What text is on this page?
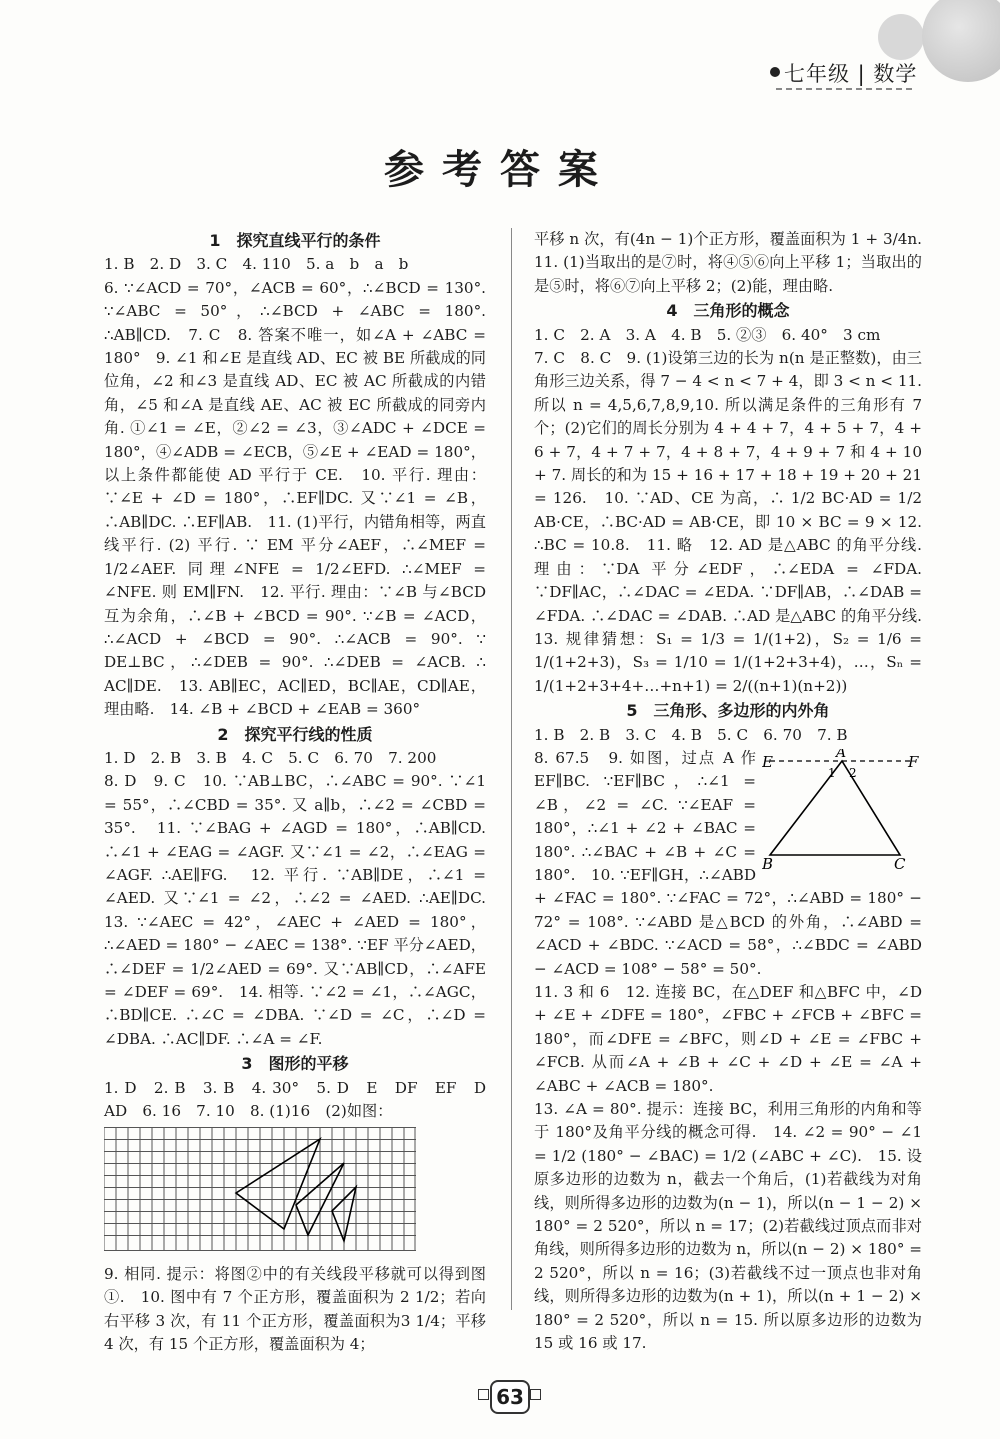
七年级 | 数学
参考答案
1　探究直线平行的条件

1. B　2. D　3. C　4. 110　5. a　b　a　b

6. ∵∠ACD = 70°，∠ACB = 60°，∴∠BCD = 130°. ∵∠ABC = 50°，∴∠BCD + ∠ABC = 180°. ∴AB∥CD.　7. C　8. 答案不唯一，如∠A + ∠ABC = 180°　9. ∠1 和∠E 是直线 AD、EC 被 BE 所截成的同位角，∠2 和∠3 是直线 AD、EC 被 AC 所截成的内错角，∠5 和∠A 是直线 AE、AC 被 EC 所截成的同旁内角. ①∠1 = ∠E，②∠2 = ∠3，③∠ADC + ∠DCE = 180°，④∠ADB = ∠ECB，⑤∠E + ∠EAD = 180°，以上条件都能使 AD 平行于 CE.　10. 平行. 理由：∵∠E + ∠D = 180°，∴EF∥DC. 又∵∠1 = ∠B，∴AB∥DC. ∴EF∥AB.　11. (1)平行，内错角相等，两直线平行. (2) 平行. ∵ EM 平分∠AEF，∴∠MEF = 1/2∠AEF. 同理∠NFE = 1/2∠EFD. ∴∠MEF = ∠NFE. 则 EM∥FN.　12. 平行. 理由：∵∠B 与∠BCD 互为余角，∴∠B + ∠BCD = 90°. ∵∠B = ∠ACD，∴∠ACD + ∠BCD = 90°. ∴∠ACB = 90°. ∵ DE⊥BC，∴∠DEB = 90°. ∴∠DEB = ∠ACB. ∴ AC∥DE.　13. AB∥EC，AC∥ED，BC∥AE，CD∥AE，理由略.　14. ∠B + ∠BCD + ∠EAB = 360°

2　探究平行线的性质

1. D　2. B　3. B　4. C　5. C　6. 70　7. 200

8. D　9. C　10. ∵AB⊥BC，∴∠ABC = 90°. ∵∠1 = 55°，∴∠CBD = 35°. 又 a∥b，∴∠2 = ∠CBD = 35°.　11. ∵∠BAG + ∠AGD = 180°，∴AB∥CD. ∴∠1 + ∠EAG = ∠AGF. 又∵∠1 = ∠2，∴∠EAG = ∠AGF. ∴AE∥FG.　12. 平行. ∵AB∥DE，∴∠1 = ∠AED. 又∵∠1 = ∠2，∴∠2 = ∠AED. ∴AE∥DC.　13. ∵∠AEC = 42°，∠AEC + ∠AED = 180°，∴∠AED = 180° − ∠AEC = 138°. ∵EF 平分∠AED，∴∠DEF = 1/2∠AED = 69°. 又∵AB∥CD，∴∠AFE = ∠DEF = 69°.　14. 相等. ∵∠2 = ∠1，∴∠AGC，∴BD∥CE. ∴∠C = ∠DBA. ∵∠D = ∠C，∴∠D = ∠DBA. ∴AC∥DF. ∴∠A = ∠F.

3　图形的平移

1. D　2. B　3. B　4. 30°　5. D　E　DF　EF　D　AD　6. 16　7. 10　8. (1)16　(2)如图：

9. 相同. 提示：将图②中的有关线段平移就可以得到图①.　10. 图中有 7 个正方形，覆盖面积为 2 1/2；若向右平移 3 次，有 11 个正方形，覆盖面积为3 1/4；平移 4 次，有 15 个正方形，覆盖面积为 4；

平移 n 次，有(4n − 1)个正方形，覆盖面积为 1 + 3/4n.　11. (1)当取出的是⑦时，将④⑤⑥向上平移 1；当取出的是⑤时，将⑥⑦向上平移 2；(2)能，理由略.

4　三角形的概念

1. C　2. A　3. A　4. B　5. ②③　6. 40°　3 cm

7. C　8. C　9. (1)设第三边的长为 n(n 是正整数)，由三角形三边关系，得 7 − 4 < n < 7 + 4，即 3 < n < 11. 所以 n = 4,5,6,7,8,9,10. 所以满足条件的三角形有 7 个；(2)它们的周长分别为 4 + 4 + 7，4 + 5 + 7，4 + 6 + 7，4 + 7 + 7，4 + 8 + 7，4 + 9 + 7 和 4 + 10 + 7. 周长的和为 15 + 16 + 17 + 18 + 19 + 20 + 21 = 126.　10. ∵AD、CE 为高，∴ 1/2 BC·AD = 1/2 AB·CE，∴BC·AD = AB·CE，即 10 × BC = 9 × 12. ∴BC = 10.8.　11. 略　12. AD 是△ABC 的角平分线. 理由：∵DA 平分∠EDF，∴∠EDA = ∠FDA. ∵DF∥AC，∴∠DAC = ∠EDA. ∵DF∥AB，∴∠DAB = ∠FDA. ∴∠DAC = ∠DAB. ∴AD 是△ABC 的角平分线.　13. 规律猜想：S₁ = 1/3 = 1/(1+2)，S₂ = 1/6 = 1/(1+2+3)，S₃ = 1/10 = 1/(1+2+3+4)，…，Sₙ = 1/(1+2+3+4+…+n+1) = 2/((n+1)(n+2))

5　三角形、多边形的内外角

1. B　2. B　3. C　4. B　5. C　6. 70　7. B

E	A	F
B	C
1 2

8. 67.5　9. 如图，过点 A 作 EF∥BC. ∵EF∥BC，∴∠1 = ∠B，∠2 = ∠C. ∵∠EAF = 180°，∴∠1 + ∠2 + ∠BAC = 180°. ∴∠BAC + ∠B + ∠C = 180°.　10. ∵EF∥GH，∴∠ABD + ∠FAC = 180°. ∵∠FAC = 72°，∴∠ABD = 180° − 72° = 108°. ∵∠ABD 是△BCD 的外角，∴∠ABD = ∠ACD + ∠BDC. ∵∠ACD = 58°，∴∠BDC = ∠ABD − ∠ACD = 108° − 58° = 50°.

11. 3 和 6　12. 连接 BC，在△DEF 和△BFC 中，∠D + ∠E + ∠DFE = 180°，∠FBC + ∠FCB + ∠BFC = 180°，而∠DFE = ∠BFC，则∠D + ∠E = ∠FBC + ∠FCB. 从而∠A + ∠B + ∠C + ∠D + ∠E = ∠A + ∠ABC + ∠ACB = 180°.

13. ∠A = 80°. 提示：连接 BC，利用三角形的内角和等于 180°及角平分线的概念可得.　14. ∠2 = 90° − ∠1 = 1/2 (180° − ∠BAC) = 1/2 (∠ABC + ∠C).　15. 设原多边形的边数为 n，截去一个角后，(1)若截线为对角线，则所得多边形的边数为(n − 1)，所以(n − 1 − 2) × 180° = 2 520°，所以 n = 17；(2)若截线过顶点而非对角线，则所得多边形的边数为 n，所以(n − 2) × 180° = 2 520°，所以 n = 16；(3)若截线不过一顶点也非对角线，则所得多边形的边数为(n + 1)，所以(n + 1 − 2) × 180° = 2 520°，所以 n = 15. 所以原多边形的边数为 15 或 16 或 17.

63
